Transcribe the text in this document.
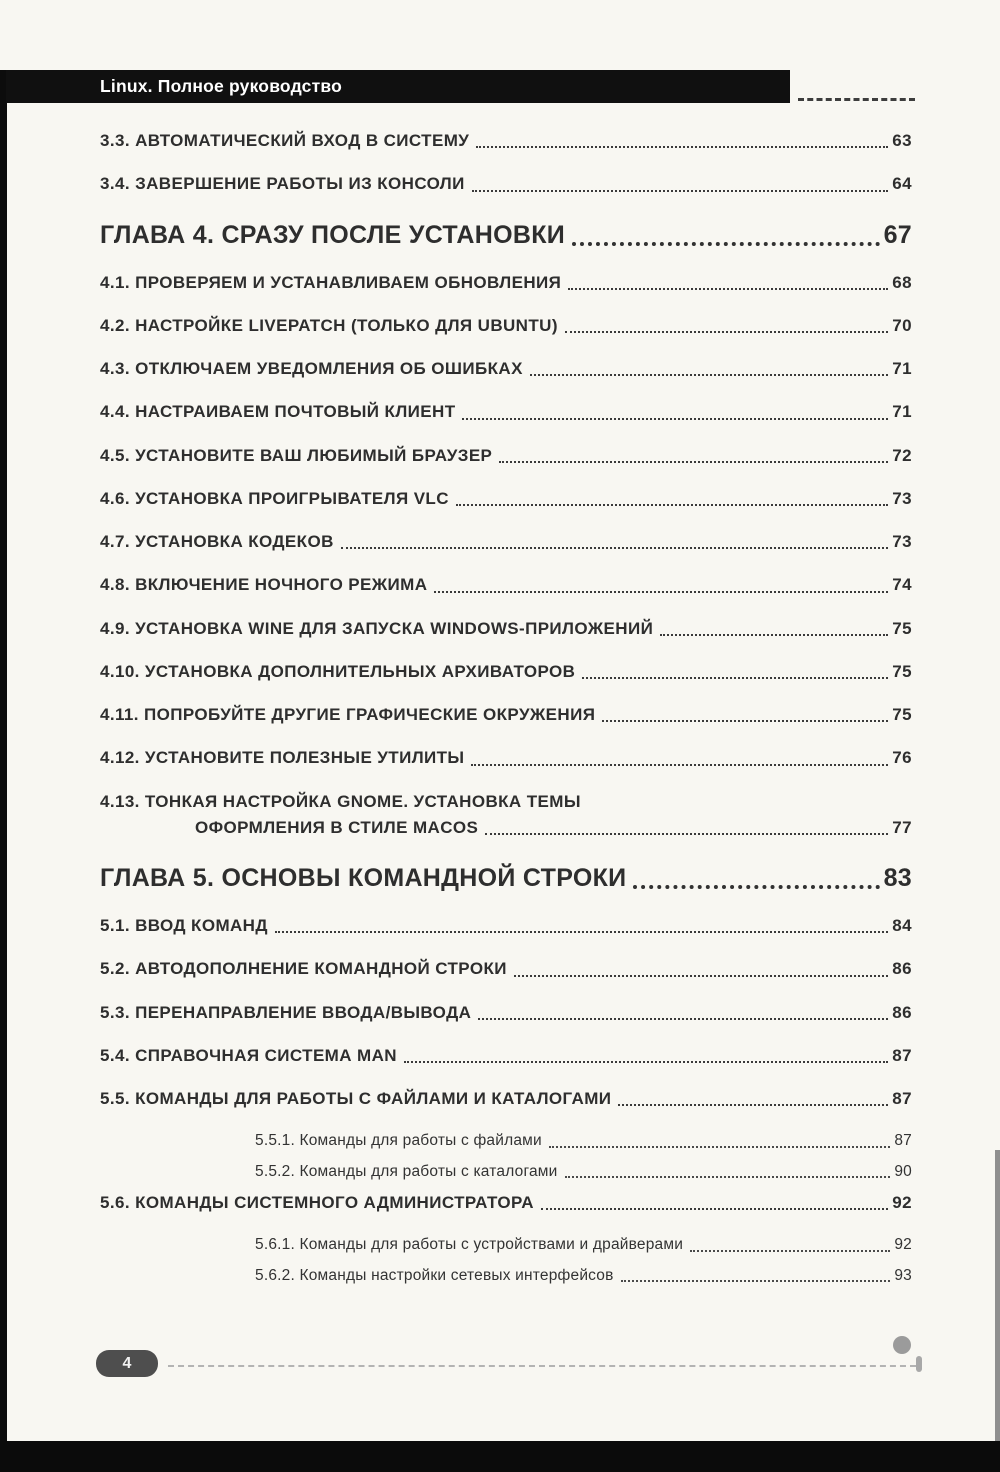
Linux. Полное руководство
3.3. АВТОМАТИЧЕСКИЙ ВХОД В СИСТЕМУ	63
3.4. ЗАВЕРШЕНИЕ РАБОТЫ ИЗ КОНСОЛИ	64
ГЛАВА 4. СРАЗУ ПОСЛЕ УСТАНОВКИ	67
4.1. ПРОВЕРЯЕМ И УСТАНАВЛИВАЕМ ОБНОВЛЕНИЯ	68
4.2. НАСТРОЙКЕ LIVEPATCH (ТОЛЬКО ДЛЯ UBUNTU)	70
4.3. ОТКЛЮЧАЕМ УВЕДОМЛЕНИЯ ОБ ОШИБКАХ	71
4.4. НАСТРАИВАЕМ ПОЧТОВЫЙ КЛИЕНТ	71
4.5. УСТАНОВИТЕ ВАШ ЛЮБИМЫЙ БРАУЗЕР	72
4.6. УСТАНОВКА ПРОИГРЫВАТЕЛЯ VLC	73
4.7. УСТАНОВКА КОДЕКОВ	73
4.8. ВКЛЮЧЕНИЕ НОЧНОГО РЕЖИМА	74
4.9. УСТАНОВКА WINE ДЛЯ ЗАПУСКА WINDOWS-ПРИЛОЖЕНИЙ	75
4.10. УСТАНОВКА ДОПОЛНИТЕЛЬНЫХ АРХИВАТОРОВ	75
4.11. ПОПРОБУЙТЕ ДРУГИЕ ГРАФИЧЕСКИЕ ОКРУЖЕНИЯ	75
4.12. УСТАНОВИТЕ ПОЛЕЗНЫЕ УТИЛИТЫ	76
4.13. ТОНКАЯ НАСТРОЙКА GNOME. УСТАНОВКА ТЕМЫ
ОФОРМЛЕНИЯ В СТИЛЕ MACOS	77
ГЛАВА 5. ОСНОВЫ КОМАНДНОЙ СТРОКИ	83
5.1. ВВОД КОМАНД	84
5.2. АВТОДОПОЛНЕНИЕ КОМАНДНОЙ СТРОКИ	86
5.3. ПЕРЕНАПРАВЛЕНИЕ ВВОДА/ВЫВОДА	86
5.4. СПРАВОЧНАЯ СИСТЕМА MAN	87
5.5. КОМАНДЫ ДЛЯ РАБОТЫ С ФАЙЛАМИ И КАТАЛОГАМИ	87
5.5.1. Команды для работы с файлами	87
5.5.2. Команды для работы с каталогами	90
5.6. КОМАНДЫ СИСТЕМНОГО АДМИНИСТРАТОРА	92
5.6.1. Команды для работы с устройствами и драйверами	92
5.6.2. Команды настройки сетевых интерфейсов	93
4
